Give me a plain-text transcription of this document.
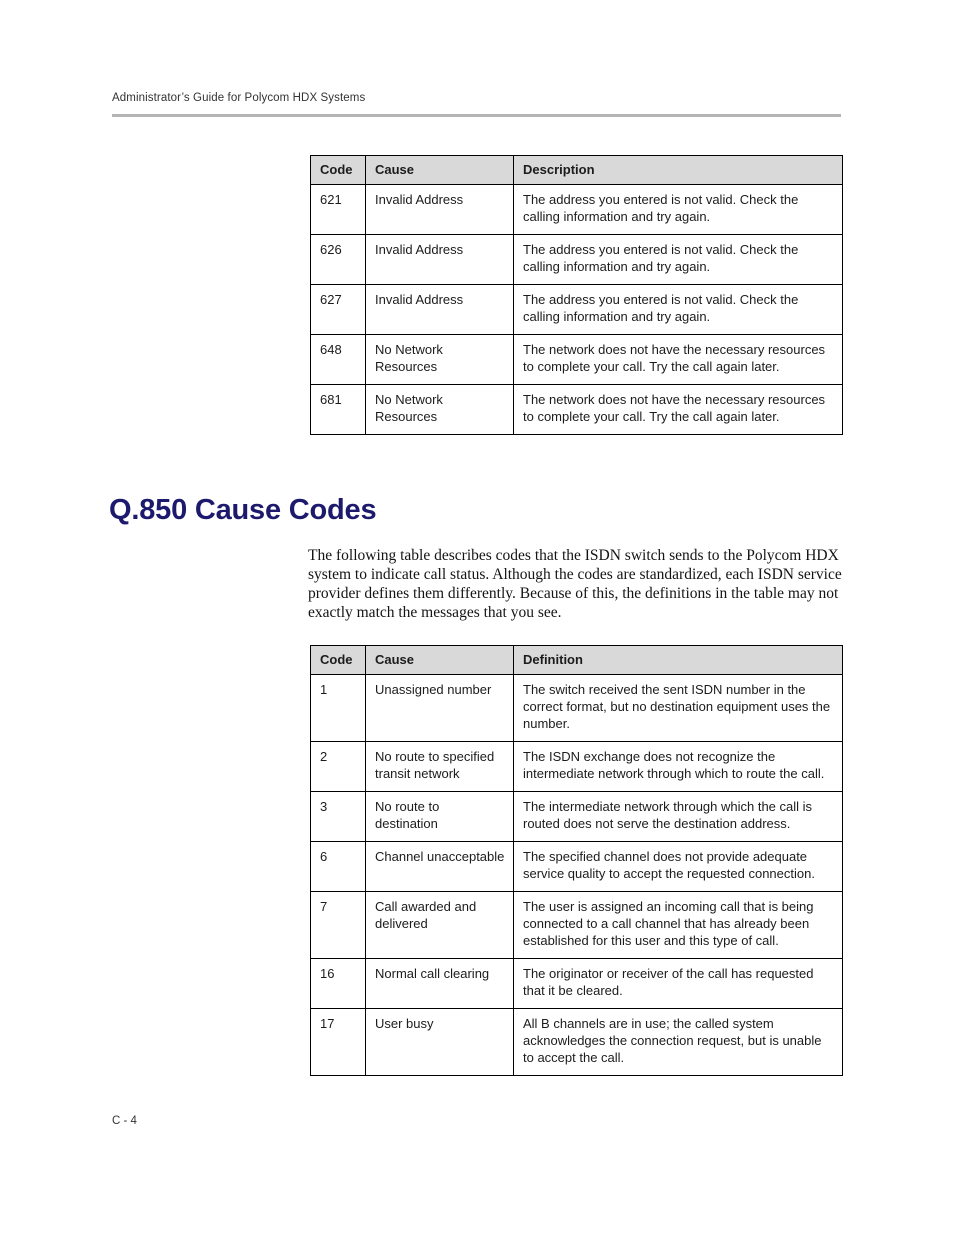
Administrator’s Guide for Polycom HDX Systems
Code	Cause	Description
621	Invalid Address	The address you entered is not valid. Check the calling information and try again.
626	Invalid Address	The address you entered is not valid. Check the calling information and try again.
627	Invalid Address	The address you entered is not valid. Check the calling information and try again.
648	No Network Resources	The network does not have the necessary resources to complete your call. Try the call again later.
681	No Network Resources	The network does not have the necessary resources to complete your call. Try the call again later.
Q.850 Cause Codes

The following table describes codes that the ISDN switch sends to the Polycom HDX system to indicate call status. Although the codes are standardized, each ISDN service provider defines them differently. Because of this, the definitions in the table may not exactly match the messages that you see.

Code	Cause	Definition
1	Unassigned number	The switch received the sent ISDN number in the correct format, but no destination equipment uses the number.
2	No route to specified transit network	The ISDN exchange does not recognize the intermediate network through which to route the call.
3	No route to destination	The intermediate network through which the call is routed does not serve the destination address.
6	Channel unacceptable	The specified channel does not provide adequate service quality to accept the requested connection.
7	Call awarded and delivered	The user is assigned an incoming call that is being connected to a call channel that has already been established for this user and this type of call.
16	Normal call clearing	The originator or receiver of the call has requested that it be cleared.
17	User busy	All B channels are in use; the called system acknowledges the connection request, but is unable to accept the call.
C - 4
